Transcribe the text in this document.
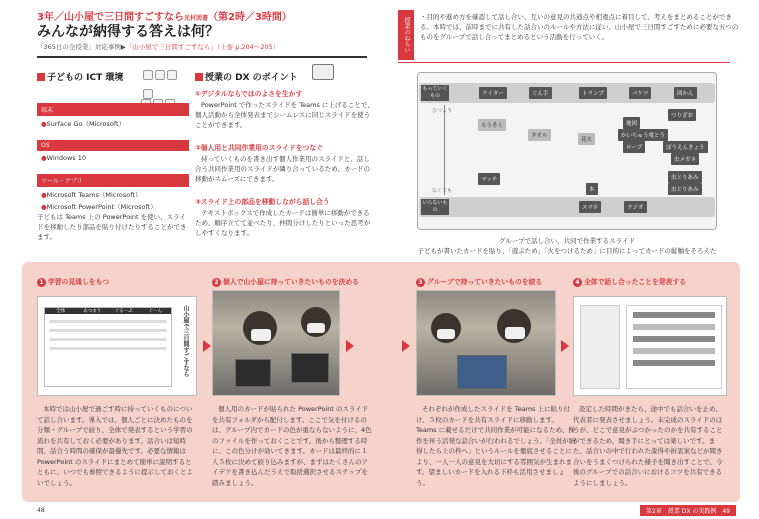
3年／山小屋で三日間すごすなら光村図書（第2時／3時間）
みんなが納得する答えは何？
「365日の全授業」対応事例▶「山小屋で三日間すごすなら」（上巻 p.204〜205）	授業のねらい	・目的や進め方を確認して話し合い、互いの意見の共通点や相違点に着目して、考えをまとめることができる。本時では、前時までに共有した話合いのルールや方法に従い、山小屋で三日間すごすために必要な五つのものをグループで話し合ってまとめるという活動を行っていく。
子どもの ICT 環境
端末
●Surface Go（Microsoft）
OS
●Windows 10
ツール・アプリ
●Microsoft Teams（Microsoft）
●Microsoft PowerPoint（Microsoft）
子どもは Teams 上の PowerPoint を使い、スライドを移動したり部品を貼り付けたりすることができます。
授業の DX のポイント
①デジタルならではのよさを生かす
PowerPoint で作ったスライドを Teams に上げることで、個人活動から全体発表までシームレスに同じスライドを使うことができます。
②個人用と共同作業用のスライドをつなぐ
持っていくものを書き出す個人作業用のスライドと、話し合う共同作業用のスライドが隣り合っているため、カードの移動がスムーズにできます。
③スライド上の部品を移動しながら話し合う
テキストボックスで作成したカードは簡単に移動ができるため、順序立てて並べたり、仲間分けしたりといった思考がしやすくなります。
もっていくもの	ライター	ぐん手	トランプ	バケツ	図かん
ひつよう
なくても
ろうそく
タオル
花火
地図
かいちゅう電とう
ロープ
つりざお
ぼうえんきょう
虫メガネ
虫とりあみ
虫とりあみ
マッチ
本
いらないもの	スマホ	ラジオ
グループで話し合い、共同で作業するスライド
子どもが書いたカードを貼り、「遊ぶため」「火をつけるため」に目的によってカードの縦軸をそろえた
1 学習の見通しをもつ
山小屋で三日間すごすなら
全体	あつまり	ぐるーぷ	ぐーん
本時では山小屋で過ごす時に持っていくものについて話し合います。導入では、個人ごとに決めたものを分類・グループで絞り、全体で発表するという学習の流れを共有しておく必要があります。話合いは短時間、話合う時間の確保が最優先です。必要な情報は PowerPoint のスライドにまとめて簡単に説明するとともに、いつでも参照できるように提示しておくとよいでしょう。
2 個人で山小屋に持っていきたいものを決める
個人用のカードが貼られた PowerPoint のスライドを共有フォルダから配付します。ここで気を付けるのは、グループ内でカードの色が重ならないように、4色のファイルを作っておくことです。後から整理する時に、この色分けが効いてきます。カードは最終的に１人５枚に決めて絞り込みますが、まずはたくさんのアイデアを書き込んだうえで取捨選択させるステップを踏みましょう。
3 グループで持っていきたいものを絞る
それぞれが作成したスライドを Teams 上に貼り付け、５枚のカードを共有スライドに移動します。Teams に載せるだけで共同作業が可能になるため、操作を伴う活発な話合いが行われるでしょう。「全員が納得したら上の枠へ」というルールを徹底させることにより、一人一人の意見を大切にする雰囲気が生まれます。望ましいカードを入れる下枠も活用させましょう。
4 全体で話し合ったことを発表する
設定した時間がきたら、途中でも話合いを止め、代表者に発表させましょう。未完成のスライドのほうが、どこで意見がぶつかったのかを共有することができるため、聞き手にとっては楽しいです。また、話合いの中で行われた説得や折衷案などが聞き合いをうまくつけられた様子を聞き出すことで、今後のグループでの話合いにおけるコツを共有できるようにしましょう。
48	第2章　授業 DX の実践例　49
